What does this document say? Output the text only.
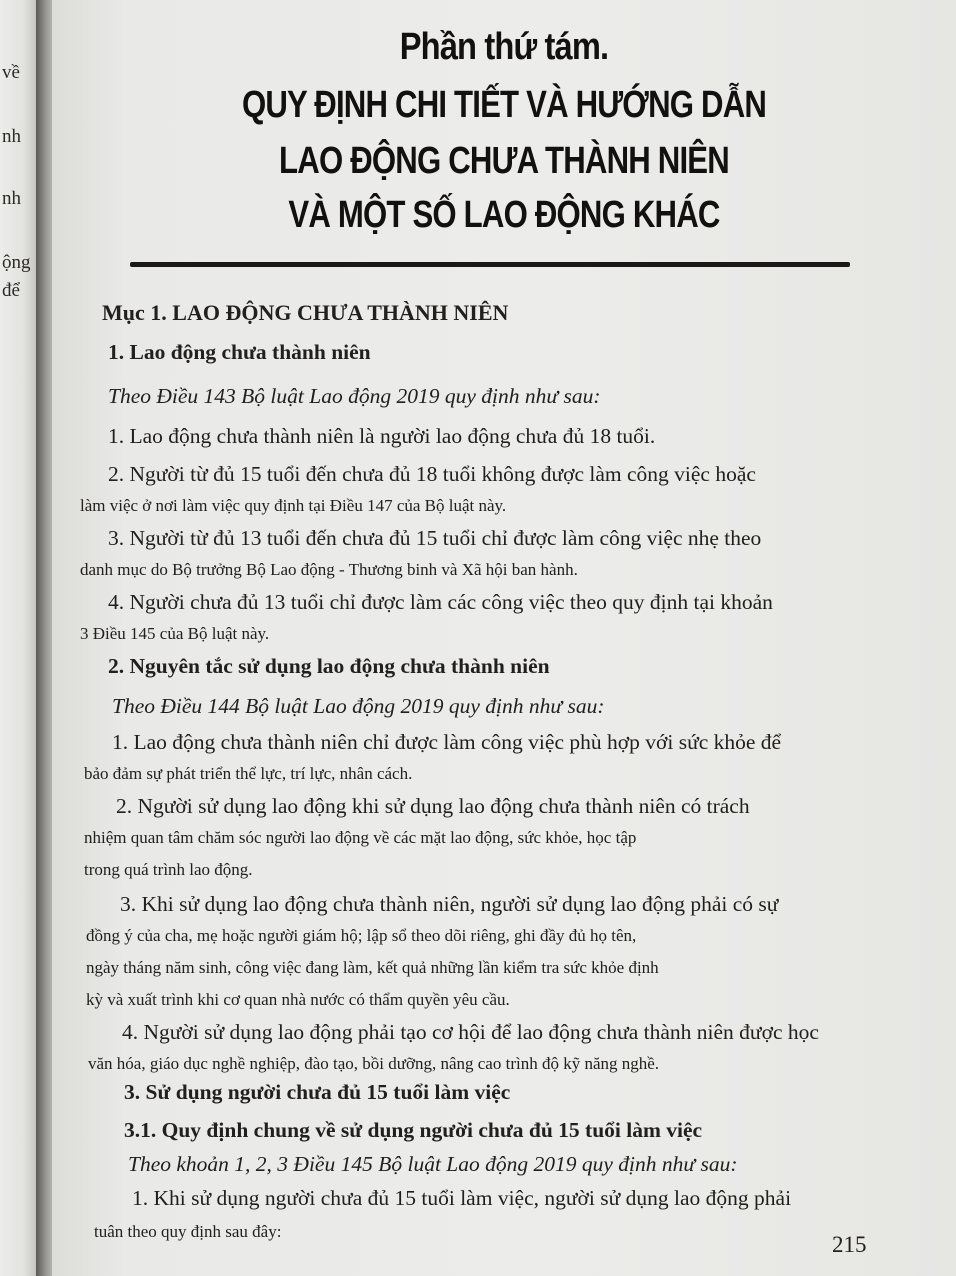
về
nh
nh
ộng
để
Phần thứ tám.
QUY ĐỊNH CHI TIẾT VÀ HƯỚNG DẪN
LAO ĐỘNG CHƯA THÀNH NIÊN
VÀ MỘT SỐ LAO ĐỘNG KHÁC
Mục 1. LAO ĐỘNG CHƯA THÀNH NIÊN
1. Lao động chưa thành niên
Theo Điều 143 Bộ luật Lao động 2019 quy định như sau:
1. Lao động chưa thành niên là người lao động chưa đủ 18 tuổi.
2. Người từ đủ 15 tuổi đến chưa đủ 18 tuổi không được làm công việc hoặc
làm việc ở nơi làm việc quy định tại Điều 147 của Bộ luật này.
3. Người từ đủ 13 tuổi đến chưa đủ 15 tuổi chỉ được làm công việc nhẹ theo
danh mục do Bộ trưởng Bộ Lao động - Thương binh và Xã hội ban hành.
4. Người chưa đủ 13 tuổi chỉ được làm các công việc theo quy định tại khoản
3 Điều 145 của Bộ luật này.
2. Nguyên tắc sử dụng lao động chưa thành niên
Theo Điều 144 Bộ luật Lao động 2019 quy định như sau:
1. Lao động chưa thành niên chỉ được làm công việc phù hợp với sức khỏe để
bảo đảm sự phát triển thể lực, trí lực, nhân cách.
2. Người sử dụng lao động khi sử dụng lao động chưa thành niên có trách
nhiệm quan tâm chăm sóc người lao động về các mặt lao động, sức khỏe, học tập
trong quá trình lao động.
3. Khi sử dụng lao động chưa thành niên, người sử dụng lao động phải có sự
đồng ý của cha, mẹ hoặc người giám hộ; lập sổ theo dõi riêng, ghi đầy đủ họ tên,
ngày tháng năm sinh, công việc đang làm, kết quả những lần kiểm tra sức khỏe định
kỳ và xuất trình khi cơ quan nhà nước có thẩm quyền yêu cầu.
4. Người sử dụng lao động phải tạo cơ hội để lao động chưa thành niên được học
văn hóa, giáo dục nghề nghiệp, đào tạo, bồi dưỡng, nâng cao trình độ kỹ năng nghề.
3. Sử dụng người chưa đủ 15 tuổi làm việc
3.1. Quy định chung về sử dụng người chưa đủ 15 tuổi làm việc
Theo khoản 1, 2, 3 Điều 145 Bộ luật Lao động 2019 quy định như sau:
1. Khi sử dụng người chưa đủ 15 tuổi làm việc, người sử dụng lao động phải
tuân theo quy định sau đây:
215
